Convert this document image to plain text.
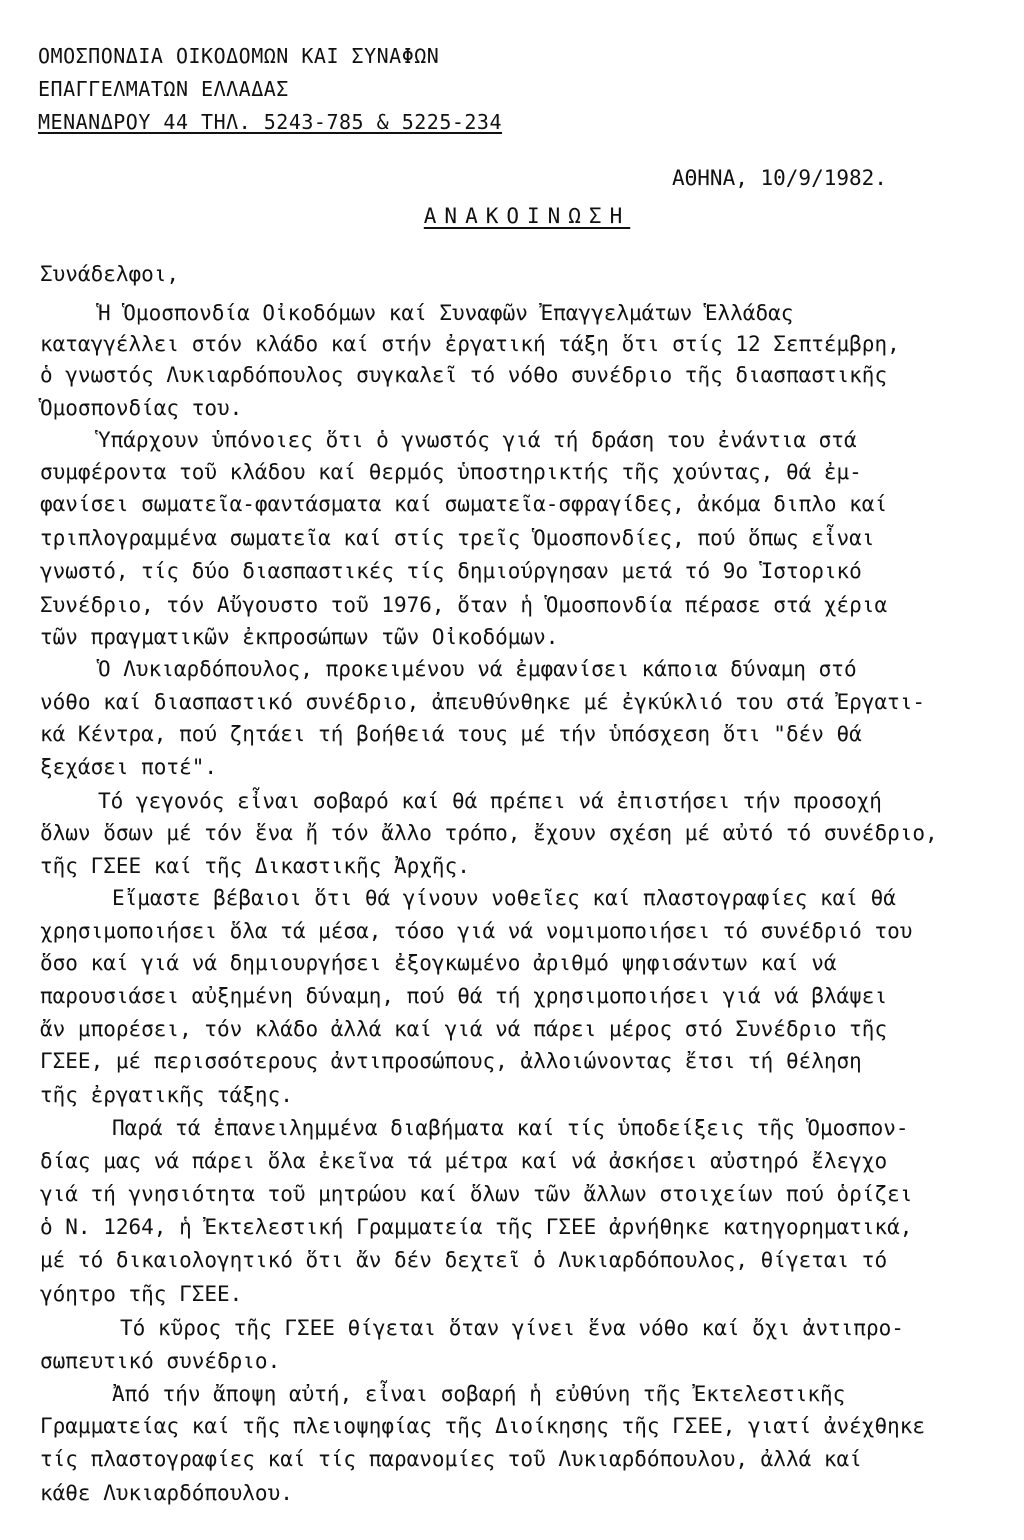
ΟΜΟΣΠΟΝΔΙΑ ΟΙΚΟΔΟΜΩΝ ΚΑΙ ΣΥΝΑΦΩΝ
ΕΠΑΓΓΕΛΜΑΤΩΝ ΕΛΛΑΔΑΣ
ΜΕΝΑΝΔΡΟΥ 44 ΤΗΛ. 5243-785 & 5225-234
ΑΘΗΝΑ, 10/9/1982.
ΑΝΑΚΟΙΝΩΣΗ
Συνάδελφοι,
Ἡ Ὁμοσπονδία Οἰκοδόμων καί Συναφῶν Ἐπαγγελμάτων Ἑλλάδας
καταγγέλλει στόν κλάδο καί στήν ἐργατική τάξη ὅτι στίς 12 Σεπτέμβρη,
ὁ γνωστός Λυκιαρδόπουλος συγκαλεῖ τό νόθο συνέδριο τῆς διασπαστικῆς
Ὁμοσπονδίας του.
Ὑπάρχουν ὑπόνοιες ὅτι ὁ γνωστός γιά τή δράση του ἐνάντια στά
συμφέροντα τοῦ κλάδου καί θερμός ὑποστηρικτής τῆς χούντας, θά ἐμ-
φανίσει σωματεῖα-φαντάσματα καί σωματεῖα-σφραγίδες, ἀκόμα διπλο καί
τριπλογραμμένα σωματεῖα καί στίς τρεῖς Ὁμοσπονδίες, πού ὅπως εἶναι
γνωστό, τίς δύο διασπαστικές τίς δημιούργησαν μετά τό 9ο Ἱστορικό
Συνέδριο, τόν Αὔγουστο τοῦ 1976, ὅταν ἡ Ὁμοσπονδία πέρασε στά χέρια
τῶν πραγματικῶν ἐκπροσώπων τῶν Οἰκοδόμων.
Ὁ Λυκιαρδόπουλος, προκειμένου νά ἐμφανίσει κάποια δύναμη στό
νόθο καί διασπαστικό συνέδριο, ἀπευθύνθηκε μέ ἐγκύκλιό του στά Ἐργατι-
κά Κέντρα, πού ζητάει τή βοήθειά τους μέ τήν ὑπόσχεση ὅτι "δέν θά
ξεχάσει ποτέ".
Τό γεγονός εἶναι σοβαρό καί θά πρέπει νά ἐπιστήσει τήν προσοχή
ὅλων ὅσων μέ τόν ἕνα ἤ τόν ἄλλο τρόπο, ἔχουν σχέση μέ αὐτό τό συνέδριο,
τῆς ΓΣΕΕ καί τῆς Δικαστικῆς Ἀρχῆς.
Εἴμαστε βέβαιοι ὅτι θά γίνουν νοθεῖες καί πλαστογραφίες καί θά
χρησιμοποιήσει ὅλα τά μέσα, τόσο γιά νά νομιμοποιήσει τό συνέδριό του
ὅσο καί γιά νά δημιουργήσει ἐξογκωμένο ἀριθμό ψηφισάντων καί νά
παρουσιάσει αὐξημένη δύναμη, πού θά τή χρησιμοποιήσει γιά νά βλάψει
ἄν μπορέσει, τόν κλάδο ἀλλά καί γιά νά πάρει μέρος στό Συνέδριο τῆς
ΓΣΕΕ, μέ περισσότερους ἀντιπροσώπους, ἀλλοιώνοντας ἔτσι τή θέληση
τῆς ἐργατικῆς τάξης.
Παρά τά ἐπανειλημμένα διαβήματα καί τίς ὑποδείξεις τῆς Ὁμοσπον-
δίας μας νά πάρει ὅλα ἐκεῖνα τά μέτρα καί νά ἀσκήσει αὐστηρό ἔλεγχο
γιά τή γνησιότητα τοῦ μητρώου καί ὅλων τῶν ἄλλων στοιχείων πού ὁρίζει
ὁ Ν. 1264, ἡ Ἐκτελεστική Γραμματεία τῆς ΓΣΕΕ ἀρνήθηκε κατηγορηματικά,
μέ τό δικαιολογητικό ὅτι ἄν δέν δεχτεῖ ὁ Λυκιαρδόπουλος, θίγεται τό
γόητρο τῆς ΓΣΕΕ.
Τό κῦρος τῆς ΓΣΕΕ θίγεται ὅταν γίνει ἕνα νόθο καί ὄχι ἀντιπρο-
σωπευτικό συνέδριο.
Ἀπό τήν ἄποψη αὐτή, εἶναι σοβαρή ἡ εὐθύνη τῆς Ἐκτελεστικῆς
Γραμματείας καί τῆς πλειοψηφίας τῆς Διοίκησης τῆς ΓΣΕΕ, γιατί ἀνέχθηκε
τίς πλαστογραφίες καί τίς παρανομίες τοῦ Λυκιαρδόπουλου, ἀλλά καί
κάθε Λυκιαρδόπουλου.
